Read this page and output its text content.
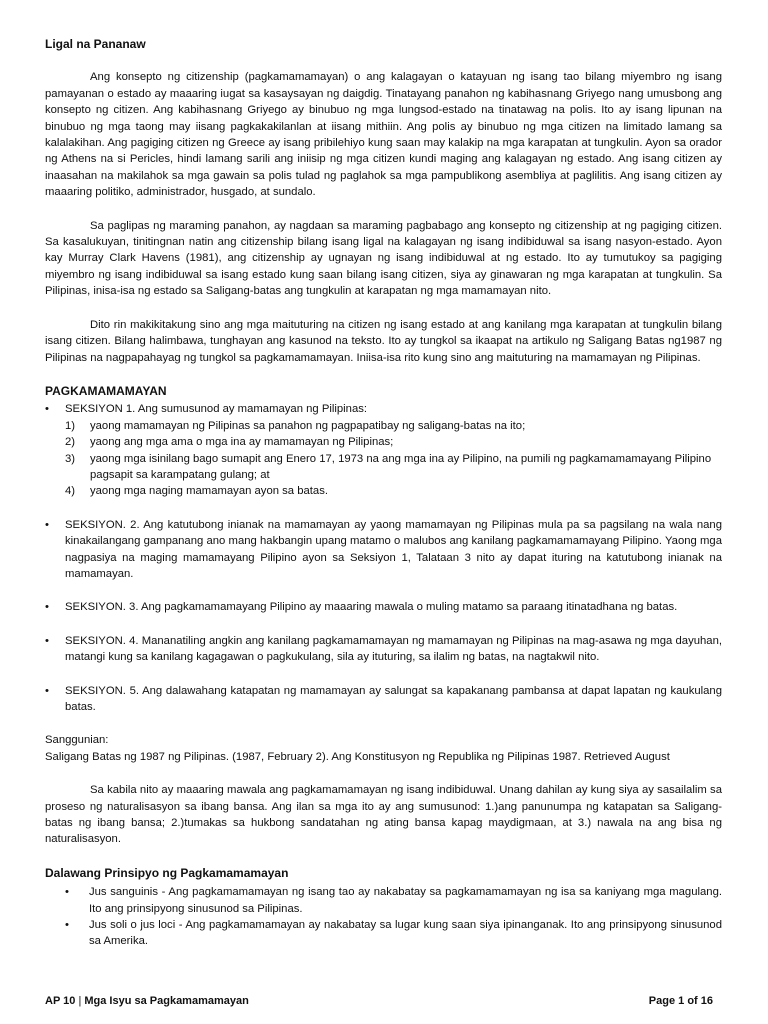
Ligal na Pananaw

Ang konsepto ng citizenship (pagkamamamayan) o ang kalagayan o katayuan ng isang tao bilang miyembro ng isang pamayanan o estado ay maaaring iugat sa kasaysayan ng daigdig. Tinatayang panahon ng kabihasnang Griyego nang umusbong ang konsepto ng citizen. Ang kabihasnang Griyego ay binubuo ng mga lungsod-estado na tinatawag na polis. Ito ay isang lipunan na binubuo ng mga taong may iisang pagkakakilanlan at iisang mithiin. Ang polis ay binubuo ng mga citizen na limitado lamang sa kalalakihan. Ang pagiging citizen ng Greece ay isang pribilehiyo kung saan may kalakip na mga karapatan at tungkulin. Ayon sa orador ng Athens na si Pericles, hindi lamang sarili ang iniisip ng mga citizen kundi maging ang kalagayan ng estado. Ang isang citizen ay inaasahan na makilahok sa mga gawain sa polis tulad ng paglahok sa mga pampublikong asembliya at paglilitis. Ang isang citizen ay maaaring politiko, administrador, husgado, at sundalo.

Sa paglipas ng maraming panahon, ay nagdaan sa maraming pagbabago ang konsepto ng citizenship at ng pagiging citizen. Sa kasalukuyan, tinitingnan natin ang citizenship bilang isang ligal na kalagayan ng isang indibiduwal sa isang nasyon-estado. Ayon kay Murray Clark Havens (1981), ang citizenship ay ugnayan ng isang indibiduwal at ng estado. Ito ay tumutukoy sa pagiging miyembro ng isang indibiduwal sa isang estado kung saan bilang isang citizen, siya ay ginawaran ng mga karapatan at tungkulin. Sa Pilipinas, inisa-isa ng estado sa Saligang-batas ang tungkulin at karapatan ng mga mamamayan nito.

Dito rin makikitakung sino ang mga maituturing na citizen ng isang estado at ang kanilang mga karapatan at tungkulin bilang isang citizen. Bilang halimbawa, tunghayan ang kasunod na teksto. Ito ay tungkol sa ikaapat na artikulo ng Saligang Batas ng1987 ng Pilipinas na nagpapahayag ng tungkol sa pagkamamamayan. Iniisa-isa rito kung sino ang maituturing na mamamayan ng Pilipinas.

PAGKAMAMAMAYAN
•	SEKSIYON 1. Ang sumusunod ay mamamayan ng Pilipinas:
1)	yaong mamamayan ng Pilipinas sa panahon ng pagpapatibay ng saligang-batas na ito;
2)	yaong ang mga ama o mga ina ay mamamayan ng Pilipinas;
3)	yaong mga isinilang bago sumapit ang Enero 17, 1973 na ang mga ina ay Pilipino, na pumili ng pagkamamamayang Pilipino pagsapit sa karampatang gulang; at
4)	yaong mga naging mamamayan ayon sa batas.
•	SEKSIYON. 2. Ang katutubong inianak na mamamayan ay yaong mamamayan ng Pilipinas mula pa sa pagsilang na wala nang kinakailangang gampanang ano mang hakbangin upang matamo o malubos ang kanilang pagkamamamayang Pilipino. Yaong mga nagpasiya na maging mamamayang Pilipino ayon sa Seksiyon 1, Talataan 3 nito ay dapat ituring na katutubong inianak na mamamayan.
•	SEKSIYON. 3. Ang pagkamamamayang Pilipino ay maaaring mawala o muling matamo sa paraang itinatadhana ng batas.
•	SEKSIYON. 4. Mananatiling angkin ang kanilang pagkamamamayan ng mamamayan ng Pilipinas na mag-asawa ng mga dayuhan, matangi kung sa kanilang kagagawan o pagkukulang, sila ay ituturing, sa ilalim ng batas, na nagtakwil nito.
•	SEKSIYON. 5. Ang dalawahang katapatan ng mamamayan ay salungat sa kapakanang pambansa at dapat lapatan ng kaukulang batas.
Sanggunian:
Saligang Batas ng 1987 ng Pilipinas. (1987, February 2). Ang Konstitusyon ng Republika ng Pilipinas 1987. Retrieved August

Sa kabila nito ay maaaring mawala ang pagkamamamayan ng isang indibiduwal. Unang dahilan ay kung siya ay sasailalim sa proseso ng naturalisasyon sa ibang bansa. Ang ilan sa mga ito ay ang sumusunod: 1.)ang panunumpa ng katapatan sa Saligang- batas ng ibang bansa; 2.)tumakas sa hukbong sandatahan ng ating bansa kapag maydigmaan, at 3.) nawala na ang bisa ng naturalisasyon.

Dalawang Prinsipyo ng Pagkamamamayan
• Jus sanguinis - Ang pagkamamamayan ng isang tao ay nakabatay sa pagkamamamayan ng isa sa kaniyang mga magulang. Ito ang prinsipyong sinusunod sa Pilipinas.
• Jus soli o jus loci - Ang pagkamamamayan ay nakabatay sa lugar kung saan siya ipinanganak. Ito ang prinsipyong sinusunod sa Amerika.
AP 10 | Mga Isyu sa Pagkamamamayan	Page 1 of 16
